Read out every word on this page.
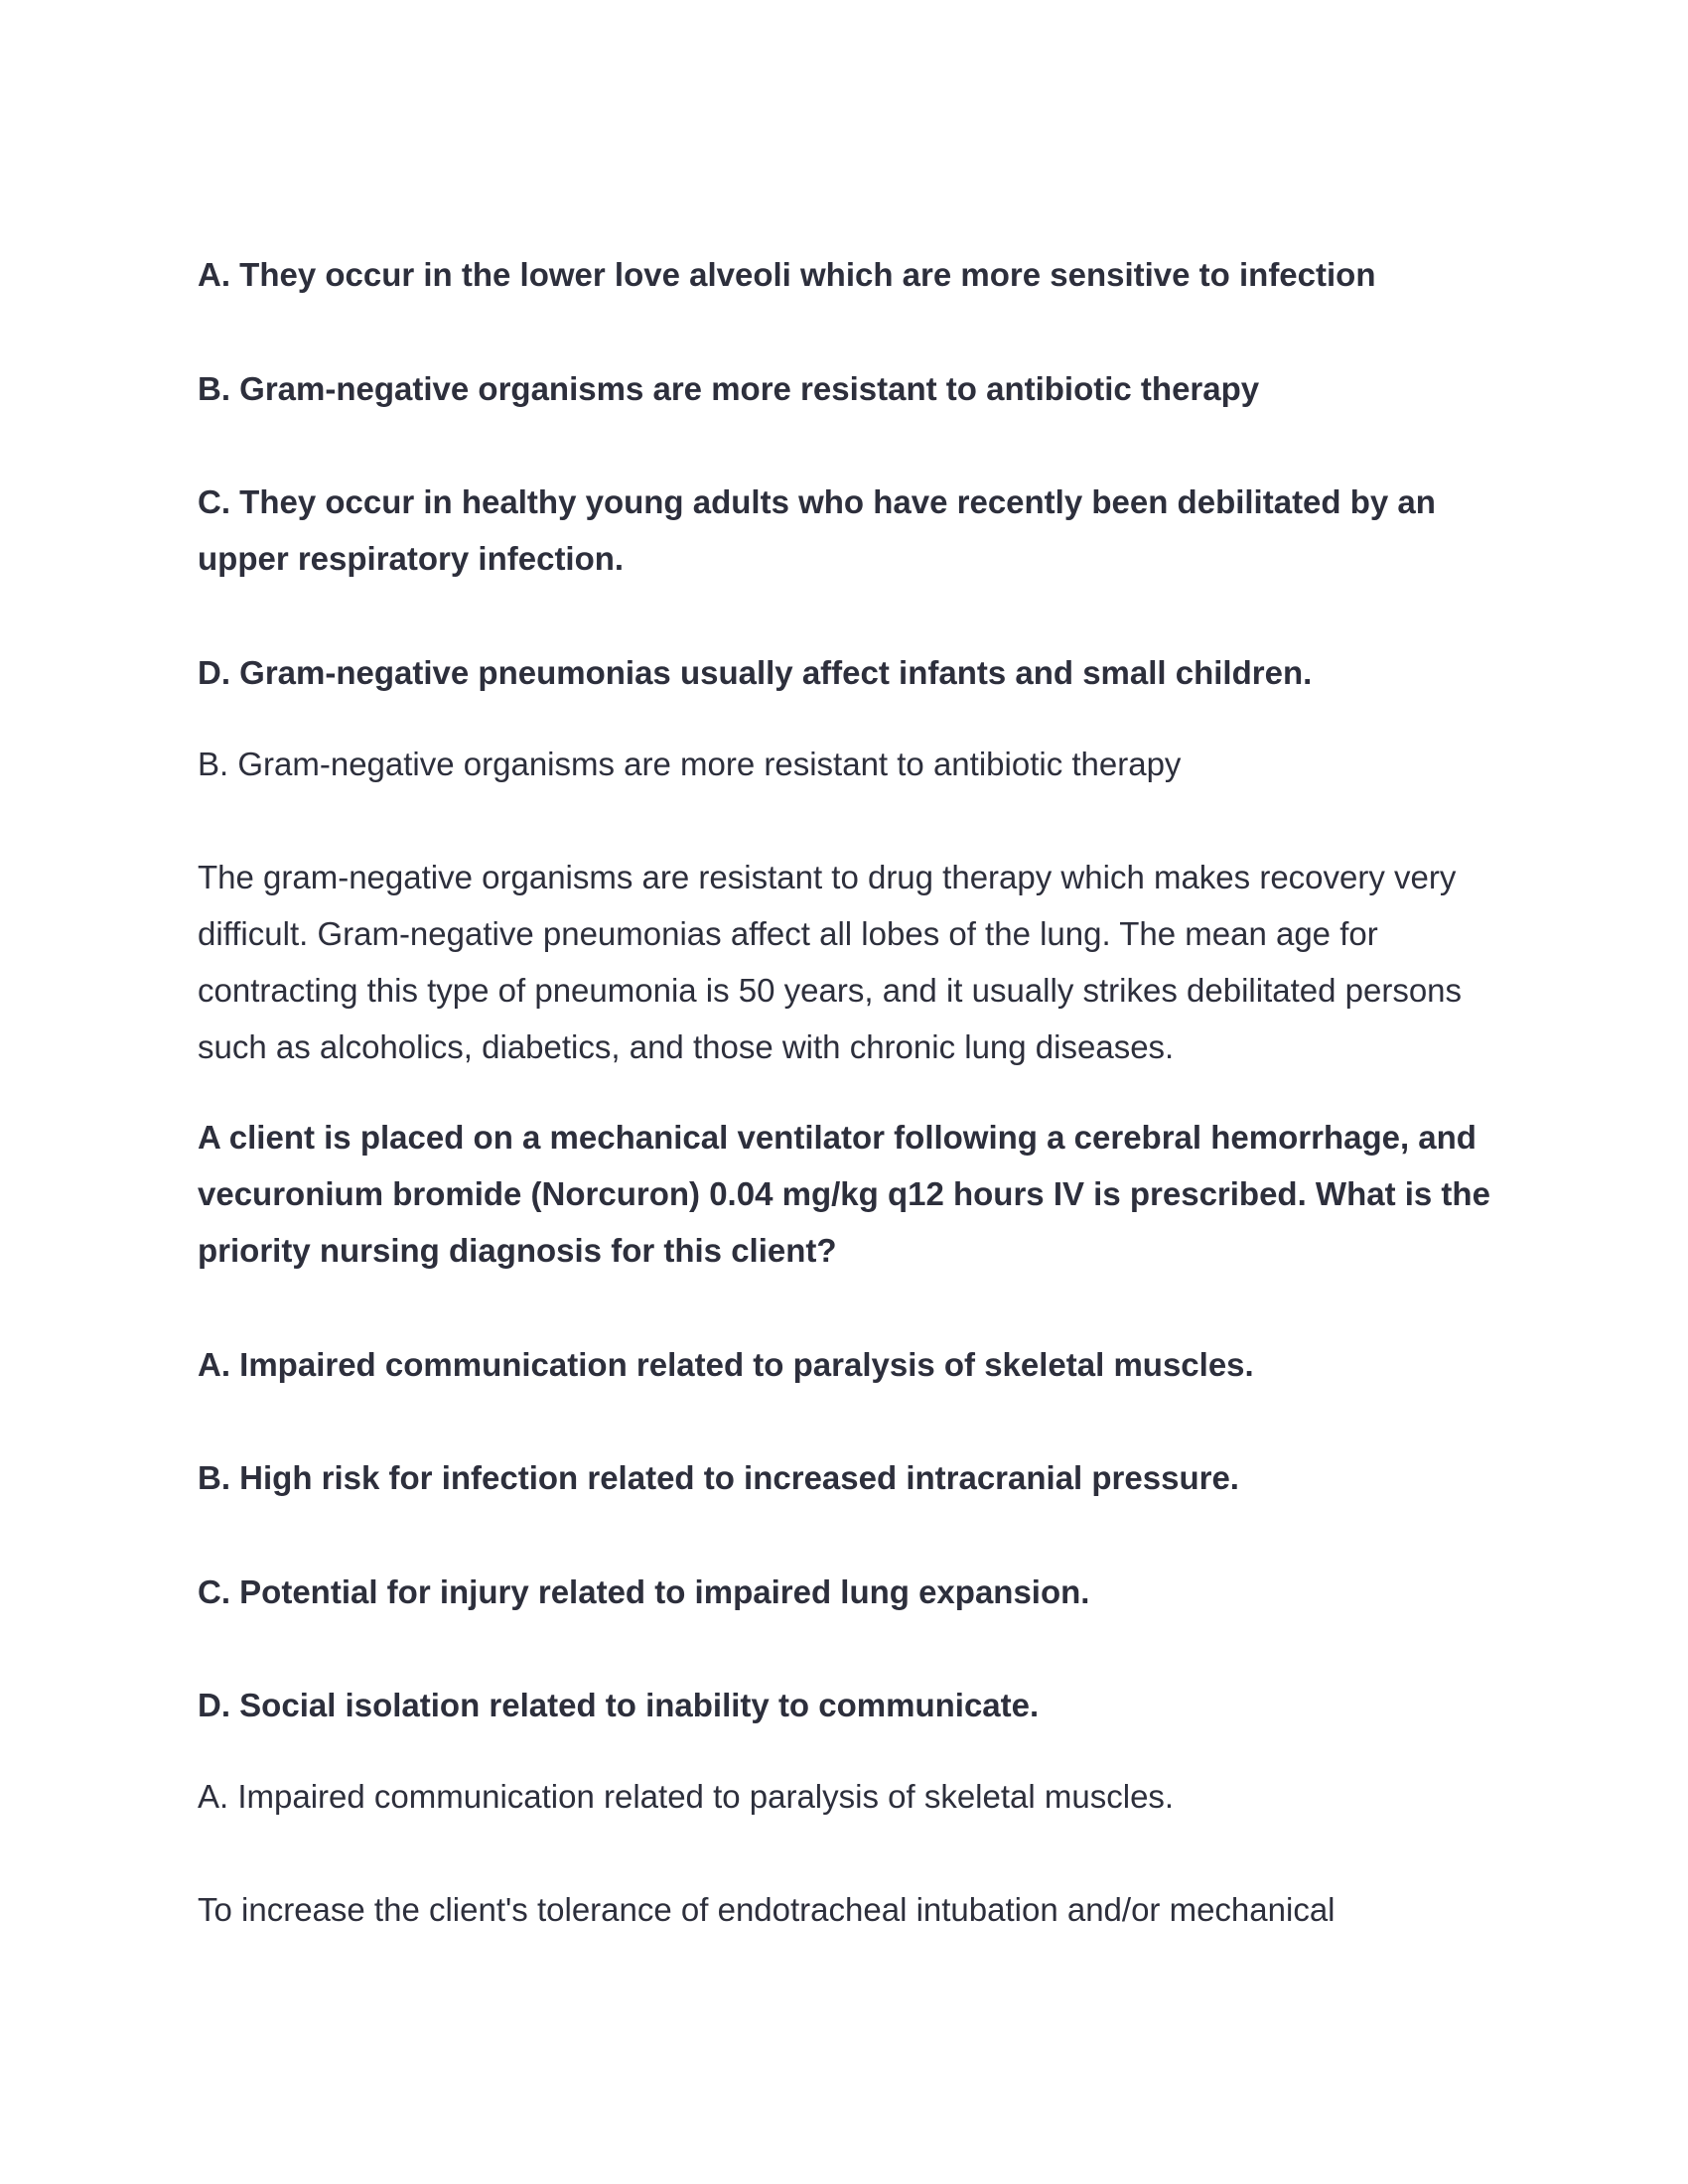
A. They occur in the lower love alveoli which are more sensitive to infection

B. Gram-negative organisms are more resistant to antibiotic therapy

C. They occur in healthy young adults who have recently been debilitated by an upper respiratory infection.

D. Gram-negative pneumonias usually affect infants and small children.

B. Gram-negative organisms are more resistant to antibiotic therapy

The gram-negative organisms are resistant to drug therapy which makes recovery very difficult. Gram-negative pneumonias affect all lobes of the lung. The mean age for contracting this type of pneumonia is 50 years, and it usually strikes debilitated persons such as alcoholics, diabetics, and those with chronic lung diseases.

A client is placed on a mechanical ventilator following a cerebral hemorrhage, and vecuronium bromide (Norcuron) 0.04 mg/kg q12 hours IV is prescribed. What is the priority nursing diagnosis for this client?

A. Impaired communication related to paralysis of skeletal muscles.

B. High risk for infection related to increased intracranial pressure.

C. Potential for injury related to impaired lung expansion.

D. Social isolation related to inability to communicate.

A. Impaired communication related to paralysis of skeletal muscles.

To increase the client's tolerance of endotracheal intubation and/or mechanical
